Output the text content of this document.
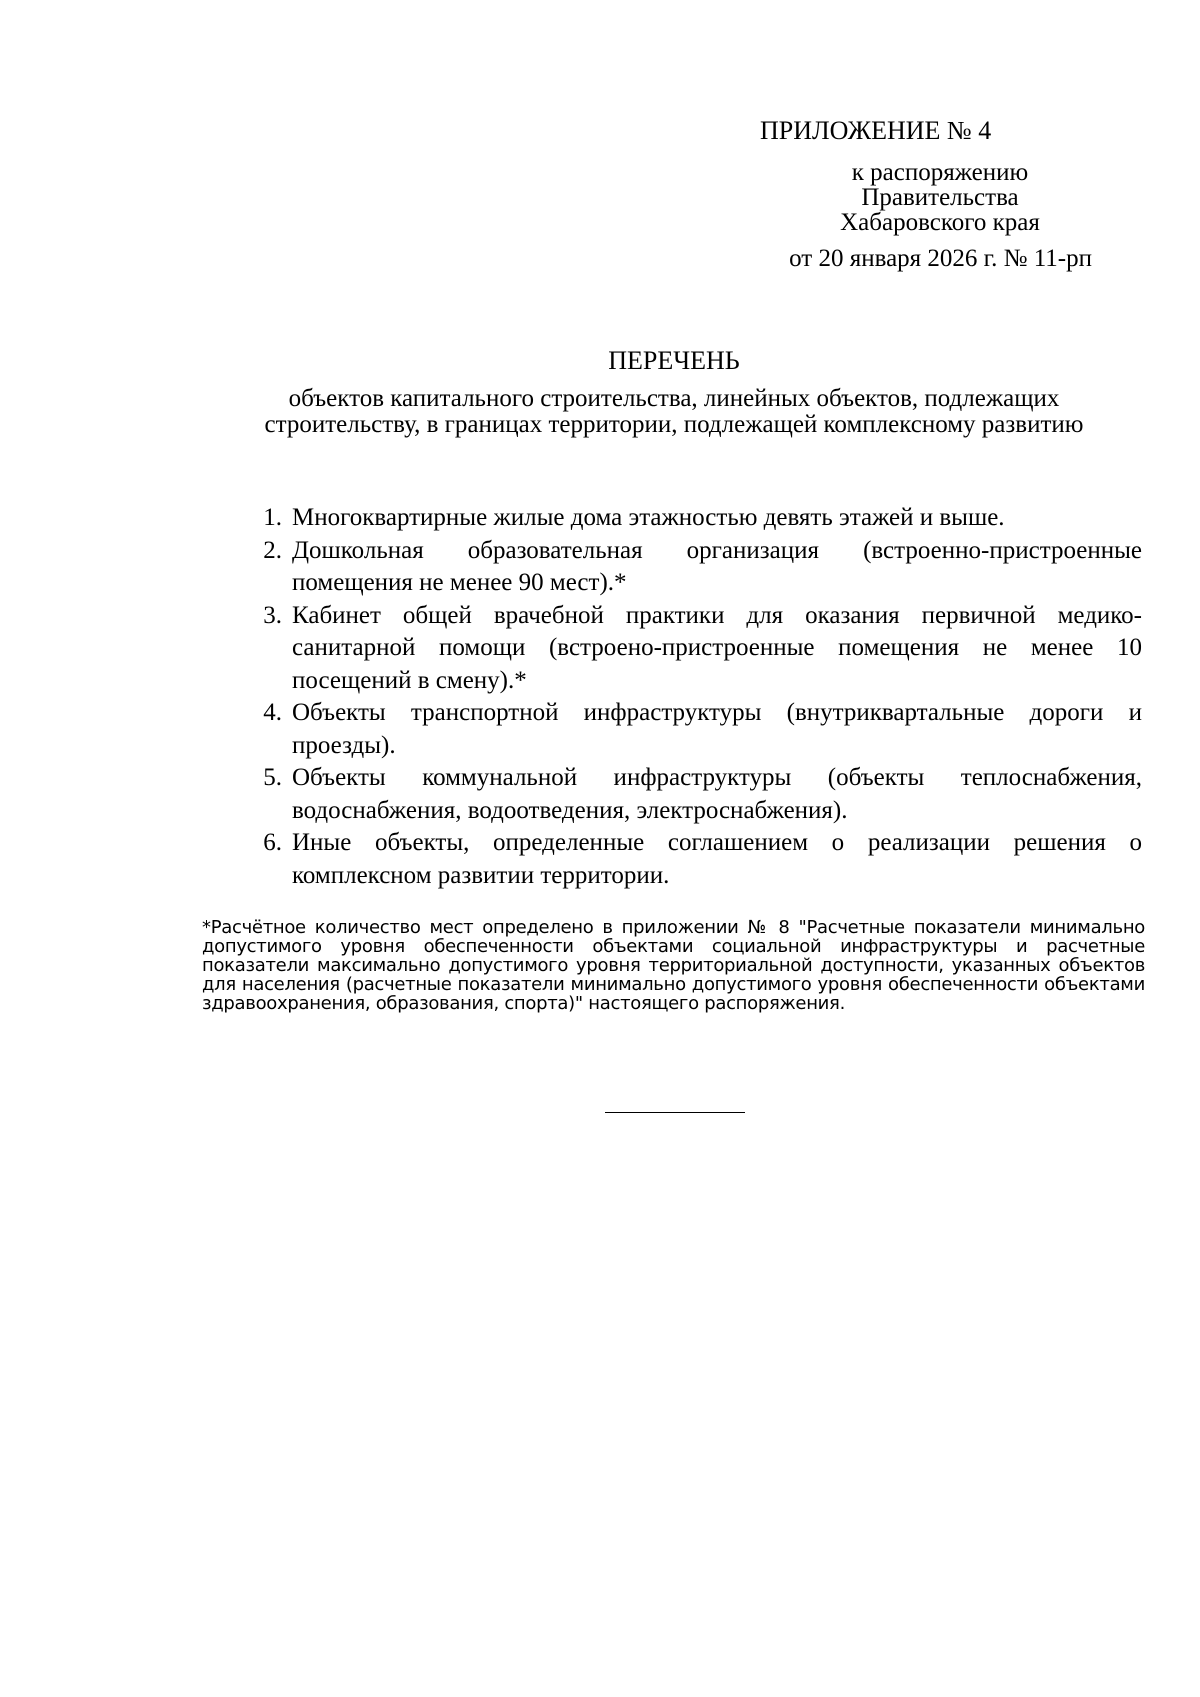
ПРИЛОЖЕНИЕ № 4
к распоряжению
Правительства
Хабаровского края
от 20 января 2026 г. № 11-рп
ПЕРЕЧЕНЬ
объектов капитального строительства, линейных объектов, подлежащих
строительству, в границах территории, подлежащей комплексному развитию
1. Многоквартирные жилые дома этажностью девять этажей и выше.
2. Дошкольная образовательная организация (встроенно-пристроенные помещения не менее 90 мест).*
3. Кабинет общей врачебной практики для оказания первичной медико-санитарной помощи (встроено-пристроенные помещения не менее 10 посещений в смену).*
4. Объекты транспортной инфраструктуры (внутриквартальные дороги и проезды).
5. Объекты коммунальной инфраструктуры (объекты теплоснабжения, водоснабжения, водоотведения, электроснабжения).
6. Иные объекты, определенные соглашением о реализации решения о комплексном развитии территории.
*Расчётное количество мест определено в приложении № 8 "Расчетные показатели минимально допустимого уровня обеспеченности объектами социальной инфраструктуры и расчетные показатели максимально допустимого уровня территориальной доступности, указанных объектов для населения (расчетные показатели минимально допустимого уровня обеспеченности объектами здравоохранения, образования, спорта)" настоящего распоряжения.
